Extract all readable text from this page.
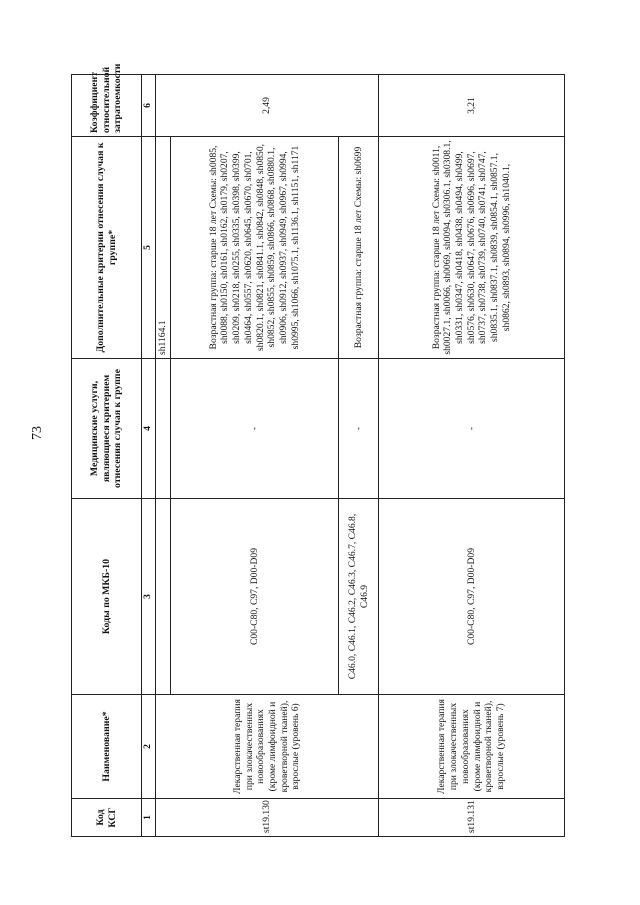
73
Код КСГ	Наименование*	Коды по МКБ-10	Медицинские услуги, являющиеся критерием отнесения случая к группе	Дополнительные критерии отнесения случая к группе*	Коэффициент относительной затратоемкости
1	2	3	4	5	6
st19.130	Лекарственная терапия при злокачественных новообразованиях (кроме лимфоидной и кроветворной тканей), взрослые (уровень 6)			sh1164.1	2,49
		C00-C80, C97, D00-D09	-	Возрастная группа: старше 18 лет Схемы: sh0085, sh0088, sh0150, sh0161, sh0162, sh0179, sh0207, sh0209, sh0218, sh0255, sh0335, sh0398, sh0399, sh0464, sh0557, sh0620, sh0645, sh0670, sh0701, sh0820.1, sh0821, sh0841.1, sh0842, sh0848, sh0850, sh0852, sh0855, sh0859, sh0866, sh0868, sh0880.1, sh0906, sh0912, sh0937, sh0949, sh0967, sh0994, sh0995, sh1066, sh1075.1, sh1136.1, sh1151, sh1171	
		C46.0, C46.1, C46.2, C46.3, C46.7, C46.8, C46.9	-	Возрастная группа: старше 18 лет Схемы: sh0699	
st19.131	Лекарственная терапия при злокачественных новообразованиях (кроме лимфоидной и кроветворной тканей), взрослые (уровень 7)	C00-C80, C97, D00-D09	-	Возрастная группа: старше 18 лет Схемы: sh0011, sh0027.1, sh0066, sh0069, sh0094, sh0306.1, sh0308.1, sh0331, sh0347, sh0418, sh0438, sh0494, sh0499, sh0576, sh0630, sh0647, sh0676, sh0696, sh0697, sh0737, sh0738, sh0739, sh0740, sh0741, sh0747, sh0835.1, sh0837.1, sh0839, sh0854.1, sh0857.1, sh0862, sh0893, sh0894, sh0996, sh1040.1,	3,21
